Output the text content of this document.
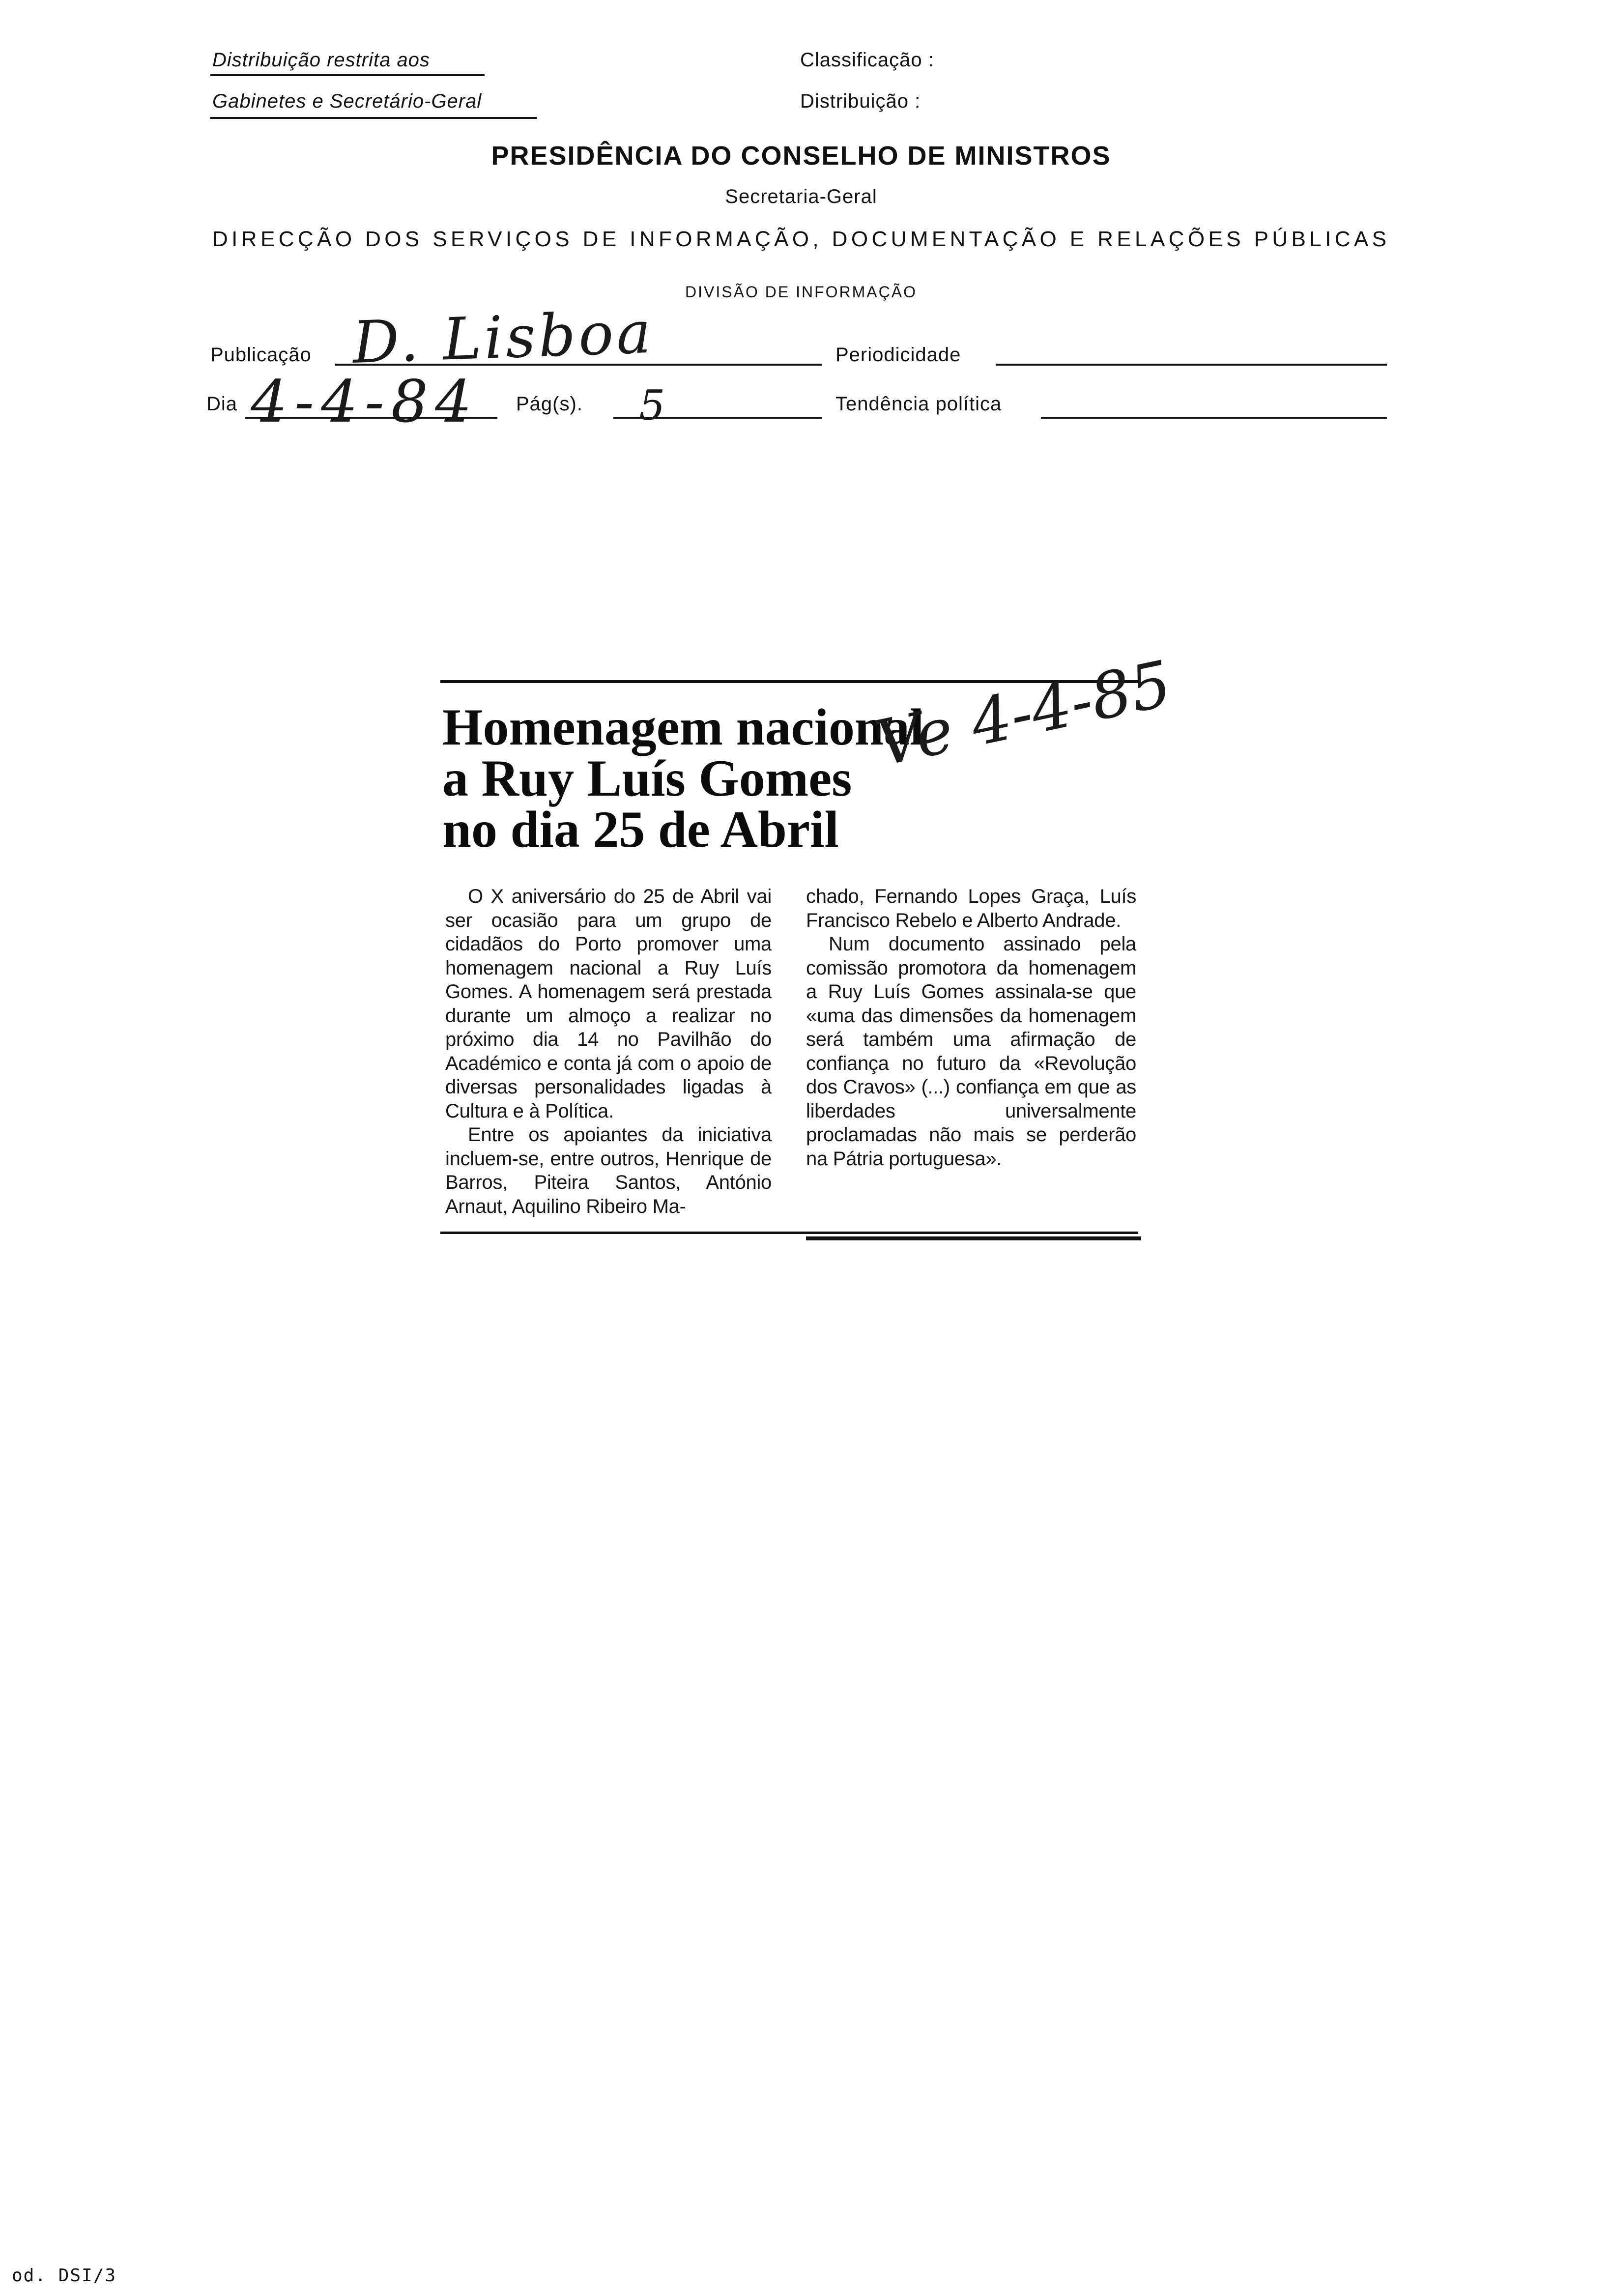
Distribuição restrita aos
Gabinetes e Secretário-Geral
Classificação :
Distribuição :
PRESIDÊNCIA DO CONSELHO DE MINISTROS
Secretaria-Geral
DIRECÇÃO DOS SERVIÇOS DE INFORMAÇÃO, DOCUMENTAÇÃO E RELAÇÕES PÚBLICAS
DIVISÃO DE INFORMAÇÃO
Publicação D. Lisboa	Periodicidade
Dia 4-4-84 Pág(s). 5	Tendência política
Homenagem nacional
a Ruy Luís Gomes
no dia 25 de Abril
Ve 4-4-85

O X aniversário do 25 de Abril vai ser ocasião para um grupo de cidadãos do Porto promover uma homenagem nacional a Ruy Luís Gomes. A homenagem será prestada durante um almoço a realizar no próximo dia 14 no Pavilhão do Académico e conta já com o apoio de diversas personalidades ligadas à Cultura e à Política.

Entre os apoiantes da iniciativa incluem-se, entre outros, Henrique de Barros, Piteira Santos, António Arnaut, Aquilino Ribeiro Ma-

chado, Fernando Lopes Graça, Luís Francisco Rebelo e Alberto Andrade.

Num documento assinado pela comissão promotora da homenagem a Ruy Luís Gomes assinala-se que «uma das dimensões da homenagem será também uma afirmação de confiança no futuro da «Revolução dos Cravos» (...) confiança em que as liberdades universalmente proclamadas não mais se perderão na Pátria portuguesa».

od. DSI/3
